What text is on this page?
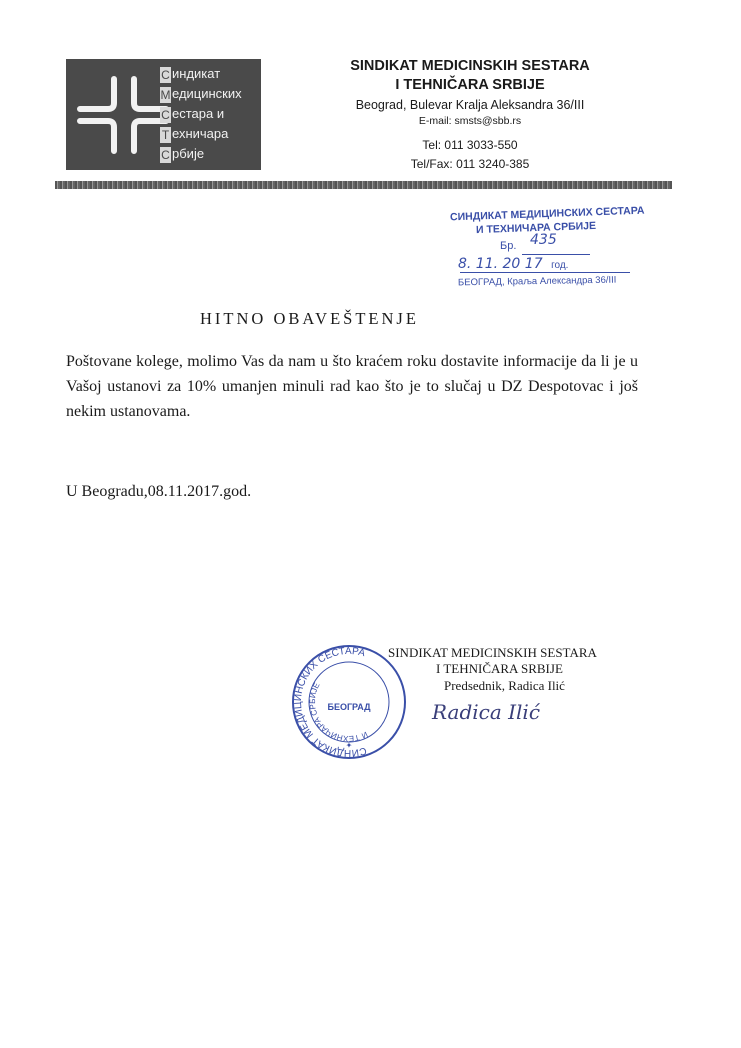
С индикат
М едицинских
С естара и
Т ехничара
С рбије
SINDIKAT MEDICINSKIH SESTARA
I TEHNIČARA SRBIJE
Beograd, Bulevar Kralja Aleksandra 36/III
E-mail: smsts@sbb.rs
Tel: 011 3033-550
Tel/Fax: 011 3240-385
СИНДИКАТ МЕДИЦИНСКИХ СЕСТАРА
И ТЕХНИЧАРА СРБИЈЕ
Бр. 435
8. 11. 20 17 год.
БЕОГРАД, Краља Александра 36/III
HITNO OBAVEŠTENJE
Poštovane kolege, molimo Vas da nam u što kraćem roku dostavite informacije da li je u Vašoj ustanovi za 10% umanjen minuli rad kao što je to slučaj u DZ Despotovac i još nekim ustanovama.
U Beogradu,08.11.2017.god.
СИНДИКАТ МЕДИЦИНСКИХ СЕСТАРА
И ТЕХНИЧАРА СРБИЈЕ
БЕОГРАД
✦
SINDIKAT MEDICINSKIH SESTARA
I TEHNIČARA SRBIJE
Predsednik, Radica Ilić
Radica Ilić
